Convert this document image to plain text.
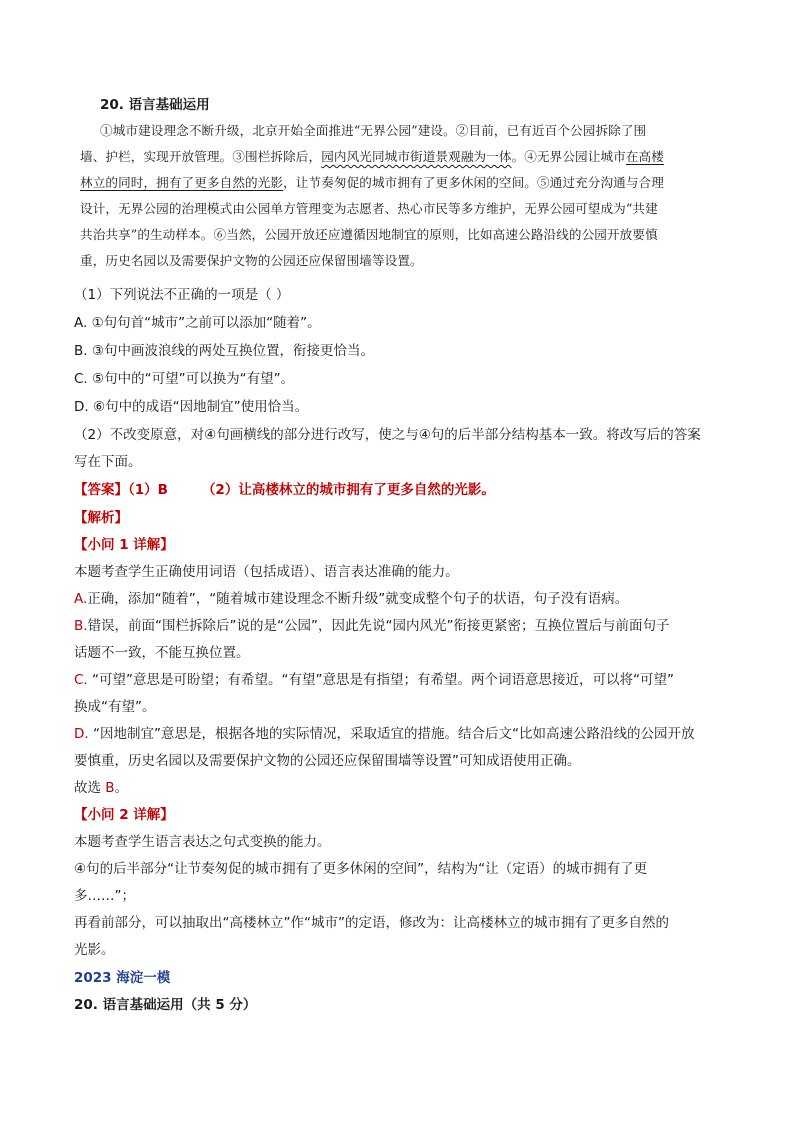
20. 语言基础运用
①城市建设理念不断升级，北京开始全面推进“无界公园”建设。②目前，已有近百个公园拆除了围
墙、护栏，实现开放管理。③围栏拆除后，园内风光同城市街道景观融为一体。④无界公园让城市在高楼
林立的同时，拥有了更多自然的光影，让节奏匆促的城市拥有了更多休闲的空间。⑤通过充分沟通与合理
设计，无界公园的治理模式由公园单方管理变为志愿者、热心市民等多方维护，无界公园可望成为“共建
共治共享”的生动样本。⑥当然，公园开放还应遵循因地制宜的原则，比如高速公路沿线的公园开放要慎
重，历史名园以及需要保护文物的公园还应保留围墙等设置。
（1）下列说法不正确的一项是（ ）
A. ①句句首“城市”之前可以添加“随着”。
B. ③句中画波浪线的两处互换位置，衔接更恰当。
C. ⑤句中的“可望”可以换为“有望”。
D. ⑥句中的成语“因地制宜”使用恰当。
（2）不改变原意，对④句画横线的部分进行改写，使之与④句的后半部分结构基本一致。将改写后的答案
写在下面。
【答案】（1）B	（2）让高楼林立的城市拥有了更多自然的光影。
【解析】
【小问 1 详解】
本题考查学生正确使用词语（包括成语）、语言表达准确的能力。
A.正确，添加“随着”，“随着城市建设理念不断升级”就变成整个句子的状语，句子没有语病。
B.错误，前面“围栏拆除后”说的是“公园”，因此先说“园内风光”衔接更紧密；互换位置后与前面句子
话题不一致，不能互换位置。
C. “可望”意思是可盼望；有希望。“有望”意思是有指望；有希望。两个词语意思接近，可以将“可望”
换成“有望”。
D. “因地制宜”意思是，根据各地的实际情况，采取适宜的措施。结合后文“比如高速公路沿线的公园开放
要慎重，历史名园以及需要保护文物的公园还应保留围墙等设置”可知成语使用正确。
故选 B。
【小问 2 详解】
本题考查学生语言表达之句式变换的能力。
④句的后半部分“让节奏匆促的城市拥有了更多休闲的空间”，结构为“让（定语）的城市拥有了更
多……”；
再看前部分，可以抽取出“高楼林立”作“城市”的定语，修改为：让高楼林立的城市拥有了更多自然的
光影。
2023 海淀一模
20. 语言基础运用（共 5 分）
